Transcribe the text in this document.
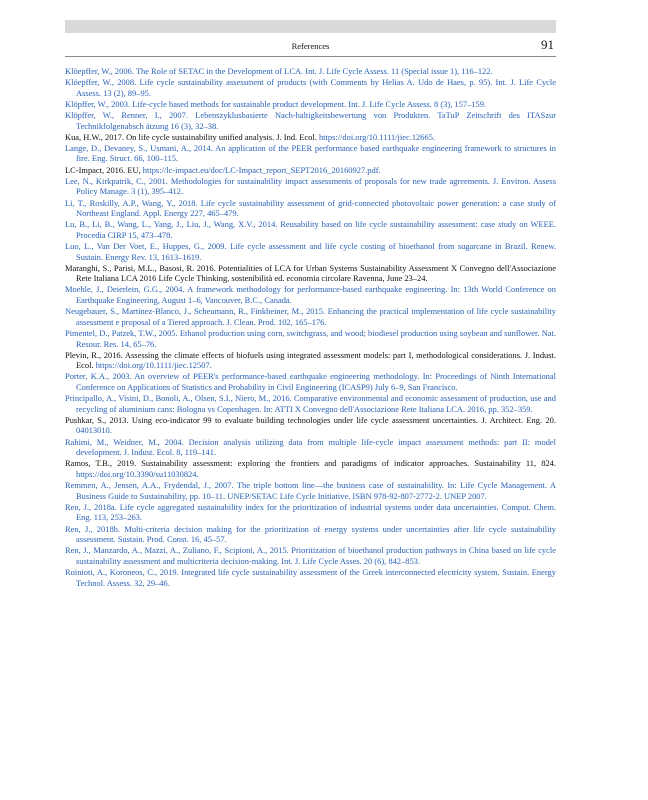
References	91
Klöepffer, W., 2006. The Role of SETAC in the Development of LCA. Int. J. Life Cycle Assess. 11 (Special issue 1), 116–122.
Klöepffer, W., 2008. Life cycle sustainability assessment of products (with Comments by Helias A. Udo de Haes, p. 95). Int. J. Life Cycle Assess. 13 (2), 89–95.
Klöpffer, W., 2003. Life-cycle based methods for sustainable product development. Int. J. Life Cycle Assess. 8 (3), 157–159.
Klöpffer, W., Renner, I., 2007. Lebenszyklusbasierte Nach-haltigkeitsbewertung von Produkten. TaTuP Zeitschrift des ITASzur Technikfolgenabsch ätzung 16 (3), 32–38.
Kua, H.W., 2017. On life cycle sustainability unified analysis. J. Ind. Ecol. https://doi.org/10.1111/jiec.12665.
Lange, D., Devaney, S., Usmani, A., 2014. An application of the PEER performance based earthquake engineering framework to structures in fire. Eng. Struct. 66, 100–115.
LC-Impact, 2016. EU, https://lc-impact.eu/doc/LC-Impact_report_SEPT2016_20160927.pdf.
Lee, N., Kirkpatrik, C., 2001. Methodologies for sustainability impact assessments of proposals for new trade agreements. J. Environ. Assess Policy Manage. 3 (1), 395–412.
Li, T., Roskilly, A.P., Wang, Y., 2018. Life cycle sustainability assessment of grid-connected photovoltaic power generation: a case study of Northeast England. Appl. Energy 227, 465–479.
Lu, B., Li, B., Wang, L., Yang, J., Liu, J., Wang, X.V., 2014. Reusability based on life cycle sustainability assessment: case study on WEEE. Procedia CIRP 15, 473–478.
Luo, L., Van Der Voet, E., Huppes, G., 2009. Life cycle assessment and life cycle costing of bioethanol from sugarcane in Brazil. Renew. Sustain. Energy Rev. 13, 1613–1619.
Maranghi, S., Parisi, M.L., Basosi, R. 2016. Potentialities of LCA for Urban Systems Sustainability Assessment X Convegno dell'Associazione Rete Italiana LCA 2016 Life Cycle Thinking, sostenibilità ed. economia circolare Ravenna, June 23–24.
Moehle, J., Deierlein, G.G., 2004. A framework methodology for performance-based earthquake engineering. In: 13th World Conference on Earthquake Engineering, August 1–6, Vancouver, B.C., Canada.
Neugebauer, S., Martinez-Blanco, J., Scheumann, R., Finkbeiner, M., 2015. Enhancing the practical implementation of life cycle sustainability assessment e proposal of a Tiered approach. J. Clean. Prod. 102, 165–176.
Pimentel, D., Patzek, T.W., 2005. Ethanol production using corn, switchgrass, and wood; biodiesel production using soybean and sunflower. Nat. Resour. Res. 14, 65–76.
Plevin, R., 2016. Assessing the climate effects of biofuels using integrated assessment models: part I, methodological considerations. J. Indust. Ecol. https://doi.org/10.1111/jiec.12507.
Porter, K.A., 2003. An overview of PEER's performance-based earthquake engineering methodology. In: Proceedings of Ninth International Conference on Applications of Statistics and Probability in Civil Engineering (ICASP9) July 6–9, San Francisco.
Principallo, A., Visini, D., Bonoli, A., Olsen, S.I., Niero, M., 2016. Comparative environmental and economic assessment of production, use and recycling of aluminium cans: Bologna vs Copenhagen. In: ATTI X Convegno dell'Associazione Rete Italiana LCA. 2016, pp. 352–359.
Pushkar, S., 2013. Using eco-indicator 99 to evaluate building technologies under life cycle assessment uncertainties. J. Architect. Eng. 20. 04013010.
Rahimi, M., Weidner, M., 2004. Decision analysis utilizing data from multiple life-cycle impact assessment methods: part II: model development. J. Indust. Ecol. 8, 119–141.
Ramos, T.B., 2019. Sustainability assessment: exploring the frontiers and paradigms of indicator approaches. Sustainability 11, 824. https://doi.org/10.3390/su11030824.
Remmen, A., Jensen, A.A., Frydendal, J., 2007. The triple bottom line—the business case of sustainability. In: Life Cycle Management. A Business Guide to Sustainability, pp. 10–11. UNEP/SETAC Life Cycle Initiative. ISBN 978-92-807-2772-2. UNEP 2007.
Ren, J., 2018a. Life cycle aggregated sustainability index for the prioritization of industrial systems under data uncertainties. Comput. Chem. Eng. 113, 253–263.
Ren, J., 2018b. Multi-criteria decision making for the prioritization of energy systems under uncertainties after life cycle sustainability assessment. Sustain. Prod. Const. 16, 45–57.
Ren, J., Manzardo, A., Mazzi, A., Zuliano, F., Scipioni, A., 2015. Prioritization of bioethanol production pathways in China based on life cycle sustainability assessment and multicriteria decision-making. Int. J. Life Cycle Asses. 20 (6), 842–853.
Roinioti, A., Koroneos, C., 2019. Integrated life cycle sustainability assessment of the Greek interconnected electricity system. Sustain. Energy Technol. Assess. 32, 29–46.
